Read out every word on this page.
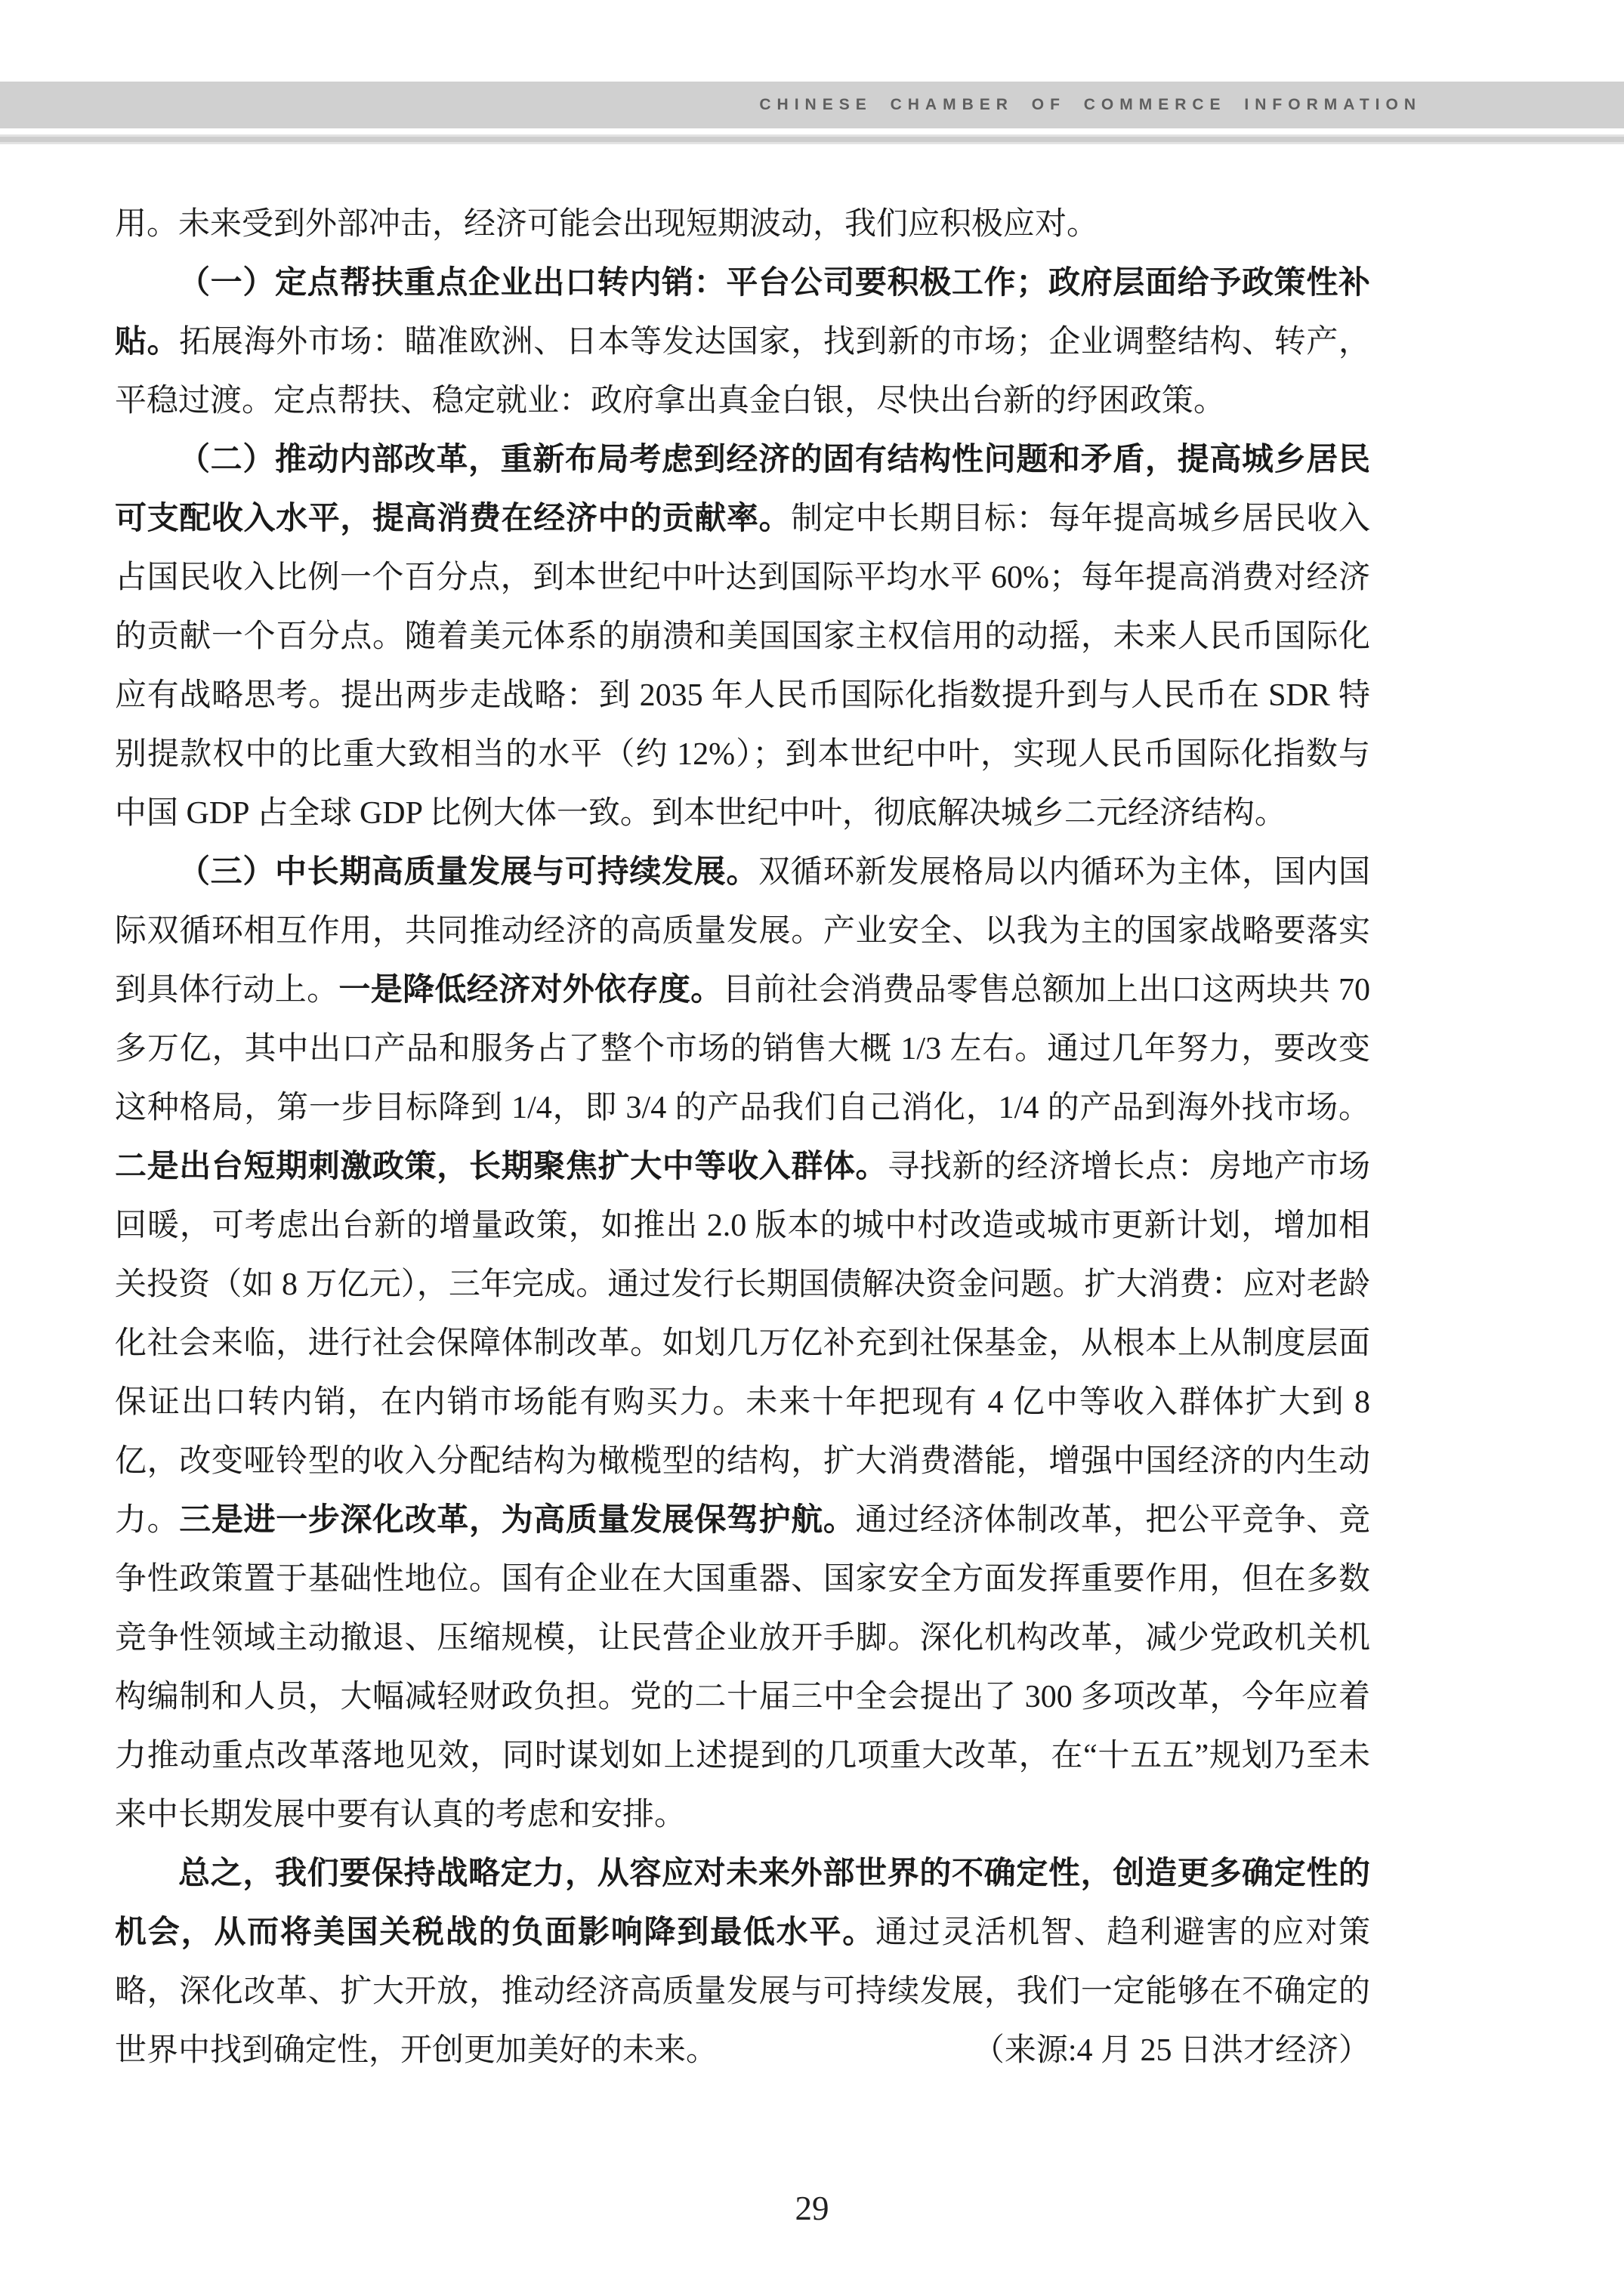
CHINESE CHAMBER OF COMMERCE INFORMATION

用。未来受到外部冲击，经济可能会出现短期波动，我们应积极应对。

（一）定点帮扶重点企业出口转内销：平台公司要积极工作；政府层面给予政策性补贴。拓展海外市场：瞄准欧洲、日本等发达国家，找到新的市场；企业调整结构、转产，平稳过渡。定点帮扶、稳定就业：政府拿出真金白银，尽快出台新的纾困政策。

（二）推动内部改革，重新布局考虑到经济的固有结构性问题和矛盾，提高城乡居民可支配收入水平，提高消费在经济中的贡献率。制定中长期目标：每年提高城乡居民收入占国民收入比例一个百分点，到本世纪中叶达到国际平均水平 60%；每年提高消费对经济的贡献一个百分点。随着美元体系的崩溃和美国国家主权信用的动摇，未来人民币国际化应有战略思考。提出两步走战略：到 2035 年人民币国际化指数提升到与人民币在 SDR 特别提款权中的比重大致相当的水平（约 12%）；到本世纪中叶，实现人民币国际化指数与中国 GDP 占全球 GDP 比例大体一致。到本世纪中叶，彻底解决城乡二元经济结构。

（三）中长期高质量发展与可持续发展。双循环新发展格局以内循环为主体，国内国际双循环相互作用，共同推动经济的高质量发展。产业安全、以我为主的国家战略要落实到具体行动上。一是降低经济对外依存度。目前社会消费品零售总额加上出口这两块共 70 多万亿，其中出口产品和服务占了整个市场的销售大概 1/3 左右。通过几年努力，要改变这种格局，第一步目标降到 1/4，即 3/4 的产品我们自己消化，1/4 的产品到海外找市场。二是出台短期刺激政策，长期聚焦扩大中等收入群体。寻找新的经济增长点：房地产市场回暖，可考虑出台新的增量政策，如推出 2.0 版本的城中村改造或城市更新计划，增加相关投资（如 8 万亿元），三年完成。通过发行长期国债解决资金问题。扩大消费：应对老龄化社会来临，进行社会保障体制改革。如划几万亿补充到社保基金，从根本上从制度层面保证出口转内销，在内销市场能有购买力。未来十年把现有 4 亿中等收入群体扩大到 8 亿，改变哑铃型的收入分配结构为橄榄型的结构，扩大消费潜能，增强中国经济的内生动力。三是进一步深化改革，为高质量发展保驾护航。通过经济体制改革，把公平竞争、竞争性政策置于基础性地位。国有企业在大国重器、国家安全方面发挥重要作用，但在多数竞争性领域主动撤退、压缩规模，让民营企业放开手脚。深化机构改革，减少党政机关机构编制和人员，大幅减轻财政负担。党的二十届三中全会提出了 300 多项改革，今年应着力推动重点改革落地见效，同时谋划如上述提到的几项重大改革，在“十五五”规划乃至未来中长期发展中要有认真的考虑和安排。

总之，我们要保持战略定力，从容应对未来外部世界的不确定性，创造更多确定性的机会，从而将美国关税战的负面影响降到最低水平。通过灵活机智、趋利避害的应对策略，深化改革、扩大开放，推动经济高质量发展与可持续发展，我们一定能够在不确定的世界中找到确定性，开创更加美好的未来。	（来源:4 月 25 日洪才经济）

29
